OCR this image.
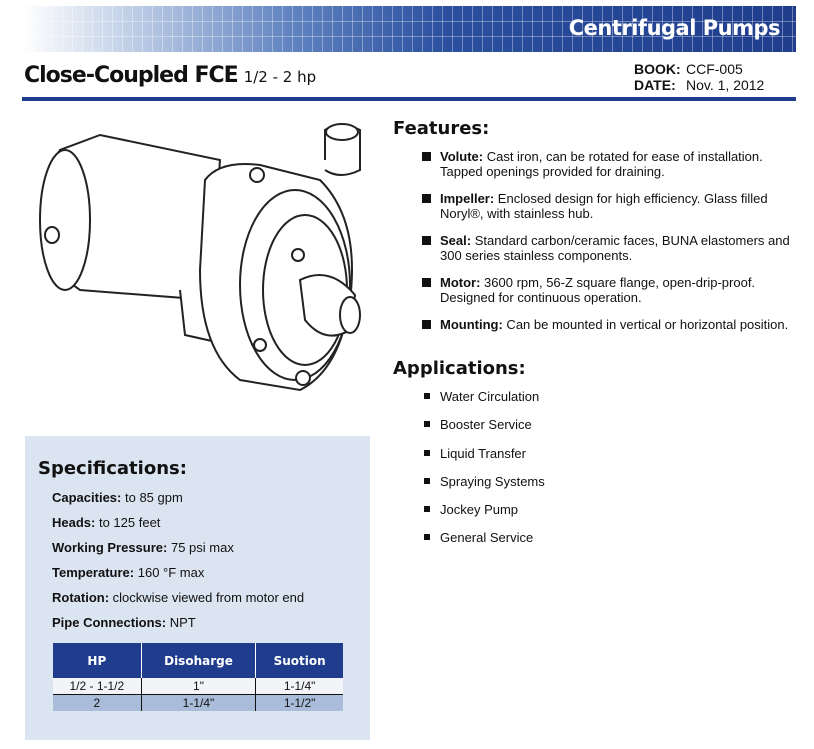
Centrifugal Pumps
Close-Coupled FCE 1/2 - 2 hp	BOOK: CCF-005
DATE: Nov. 1, 2012
Features:
Volute: Cast iron, can be rotated for ease of installation. Tapped openings provided for draining.
Impeller: Enclosed design for high efficiency. Glass filled Noryl®, with stainless hub.
Seal: Standard carbon/ceramic faces, BUNA elastomers and 300 series stainless components.
Motor: 3600 rpm, 56-Z square flange, open-drip-proof. Designed for continuous operation.
Mounting: Can be mounted in vertical or horizontal position.
Applications:
Water Circulation
Booster Service
Liquid Transfer
Spraying Systems
Jockey Pump
General Service
Specifications:
Capacities: to 85 gpm
Heads: to 125 feet
Working Pressure: 75 psi max
Temperature: 160 °F max
Rotation: clockwise viewed from motor end
Pipe Connections: NPT
HP	Disoharge	Suotion
1/2 - 1-1/2	1"	1-1/4"
2	1-1/4"	1-1/2"
